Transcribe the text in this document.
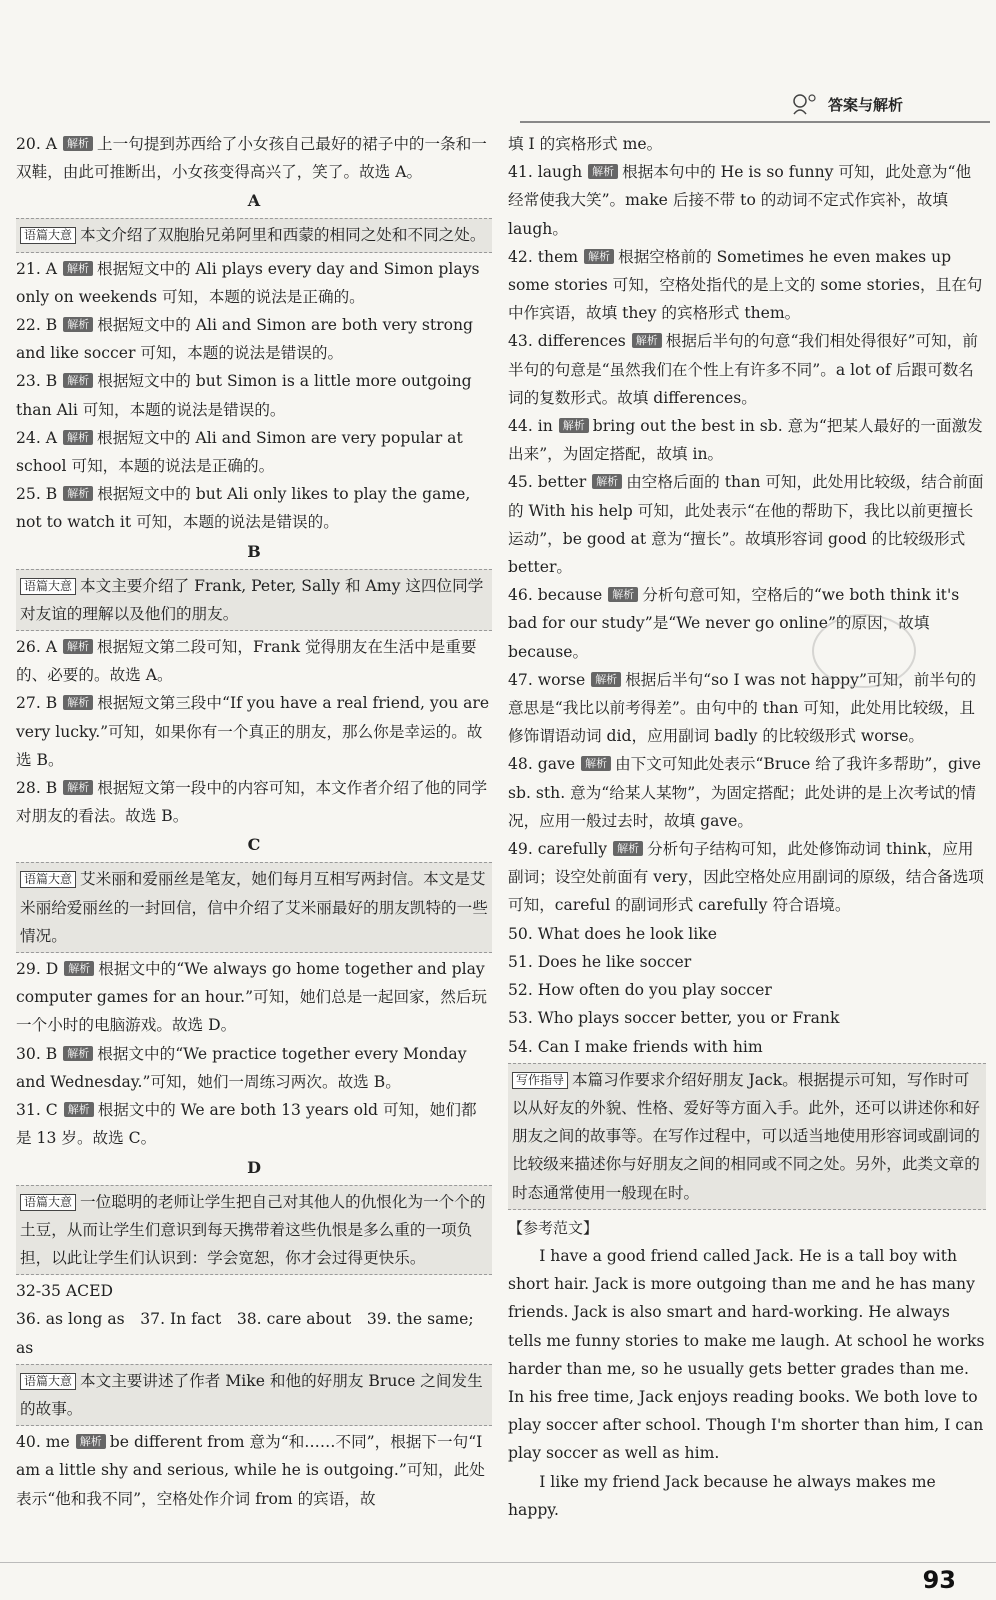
答案与解析

20. A 解析 上一句提到苏西给了小女孩自己最好的裙子中的一条和一双鞋，由此可推断出，小女孩变得高兴了，笑了。故选 A。

A
语篇大意 本文介绍了双胞胎兄弟阿里和西蒙的相同之处和不同之处。

21. A 解析 根据短文中的 Ali plays every day and Simon plays only on weekends 可知，本题的说法是正确的。

22. B 解析 根据短文中的 Ali and Simon are both very strong and like soccer 可知，本题的说法是错误的。

23. B 解析 根据短文中的 but Simon is a little more outgoing than Ali 可知，本题的说法是错误的。

24. A 解析 根据短文中的 Ali and Simon are very popular at school 可知，本题的说法是正确的。

25. B 解析 根据短文中的 but Ali only likes to play the game, not to watch it 可知，本题的说法是错误的。

B
语篇大意 本文主要介绍了 Frank, Peter, Sally 和 Amy 这四位同学对友谊的理解以及他们的朋友。

26. A 解析 根据短文第二段可知，Frank 觉得朋友在生活中是重要的、必要的。故选 A。

27. B 解析 根据短文第三段中“If you have a real friend, you are very lucky.”可知，如果你有一个真正的朋友，那么你是幸运的。故选 B。

28. B 解析 根据短文第一段中的内容可知，本文作者介绍了他的同学对朋友的看法。故选 B。

C
语篇大意 艾米丽和爱丽丝是笔友，她们每月互相写两封信。本文是艾米丽给爱丽丝的一封回信，信中介绍了艾米丽最好的朋友凯特的一些情况。

29. D 解析 根据文中的“We always go home together and play computer games for an hour.”可知，她们总是一起回家，然后玩一个小时的电脑游戏。故选 D。

30. B 解析 根据文中的“We practice together every Monday and Wednesday.”可知，她们一周练习两次。故选 B。

31. C 解析 根据文中的 We are both 13 years old 可知，她们都是 13 岁。故选 C。

D
语篇大意 一位聪明的老师让学生把自己对其他人的仇恨化为一个个的土豆，从而让学生们意识到每天携带着这些仇恨是多么重的一项负担，以此让学生们认识到：学会宽恕，你才会过得更快乐。

32-35 ACED

36. as long as　37. In fact　38. care about　39. the same; as

语篇大意 本文主要讲述了作者 Mike 和他的好朋友 Bruce 之间发生的故事。

40. me 解析 be different from 意为“和……不同”，根据下一句“I am a little shy and serious, while he is outgoing.”可知，此处表示“他和我不同”，空格处作介词 from 的宾语，故

填 I 的宾格形式 me。

41. laugh 解析 根据本句中的 He is so funny 可知，此处意为“他经常使我大笑”。make 后接不带 to 的动词不定式作宾补，故填 laugh。

42. them 解析 根据空格前的 Sometimes he even makes up some stories 可知，空格处指代的是上文的 some stories，且在句中作宾语，故填 they 的宾格形式 them。

43. differences 解析 根据后半句的句意“我们相处得很好”可知，前半句的句意是“虽然我们在个性上有许多不同”。a lot of 后跟可数名词的复数形式。故填 differences。

44. in 解析 bring out the best in sb. 意为“把某人最好的一面激发出来”，为固定搭配，故填 in。

45. better 解析 由空格后面的 than 可知，此处用比较级，结合前面的 With his help 可知，此处表示“在他的帮助下，我比以前更擅长运动”，be good at 意为“擅长”。故填形容词 good 的比较级形式 better。

46. because 解析 分析句意可知，空格后的“we both think it's bad for our study”是“We never go online”的原因，故填 because。

47. worse 解析 根据后半句“so I was not happy”可知，前半句的意思是“我比以前考得差”。由句中的 than 可知，此处用比较级，且修饰谓语动词 did，应用副词 badly 的比较级形式 worse。

48. gave 解析 由下文可知此处表示“Bruce 给了我许多帮助”，give sb. sth. 意为“给某人某物”，为固定搭配；此处讲的是上次考试的情况，应用一般过去时，故填 gave。

49. carefully 解析 分析句子结构可知，此处修饰动词 think，应用副词；设空处前面有 very，因此空格处应用副词的原级，结合备选项可知，careful 的副词形式 carefully 符合语境。

50. What does he look like

51. Does he like soccer

52. How often do you play soccer

53. Who plays soccer better, you or Frank

54. Can I make friends with him

写作指导 本篇习作要求介绍好朋友 Jack。根据提示可知，写作时可以从好友的外貌、性格、爱好等方面入手。此外，还可以讲述你和好朋友之间的故事等。在写作过程中，可以适当地使用形容词或副词的比较级来描述你与好朋友之间的相同或不同之处。另外，此类文章的时态通常使用一般现在时。

【参考范文】

I have a good friend called Jack. He is a tall boy with short hair. Jack is more outgoing than me and he has many friends. Jack is also smart and hard-working. He always tells me funny stories to make me laugh. At school he works harder than me, so he usually gets better grades than me. In his free time, Jack enjoys reading books. We both love to play soccer after school. Though I'm shorter than him, I can play soccer as well as him.

I like my friend Jack because he always makes me happy.

93
